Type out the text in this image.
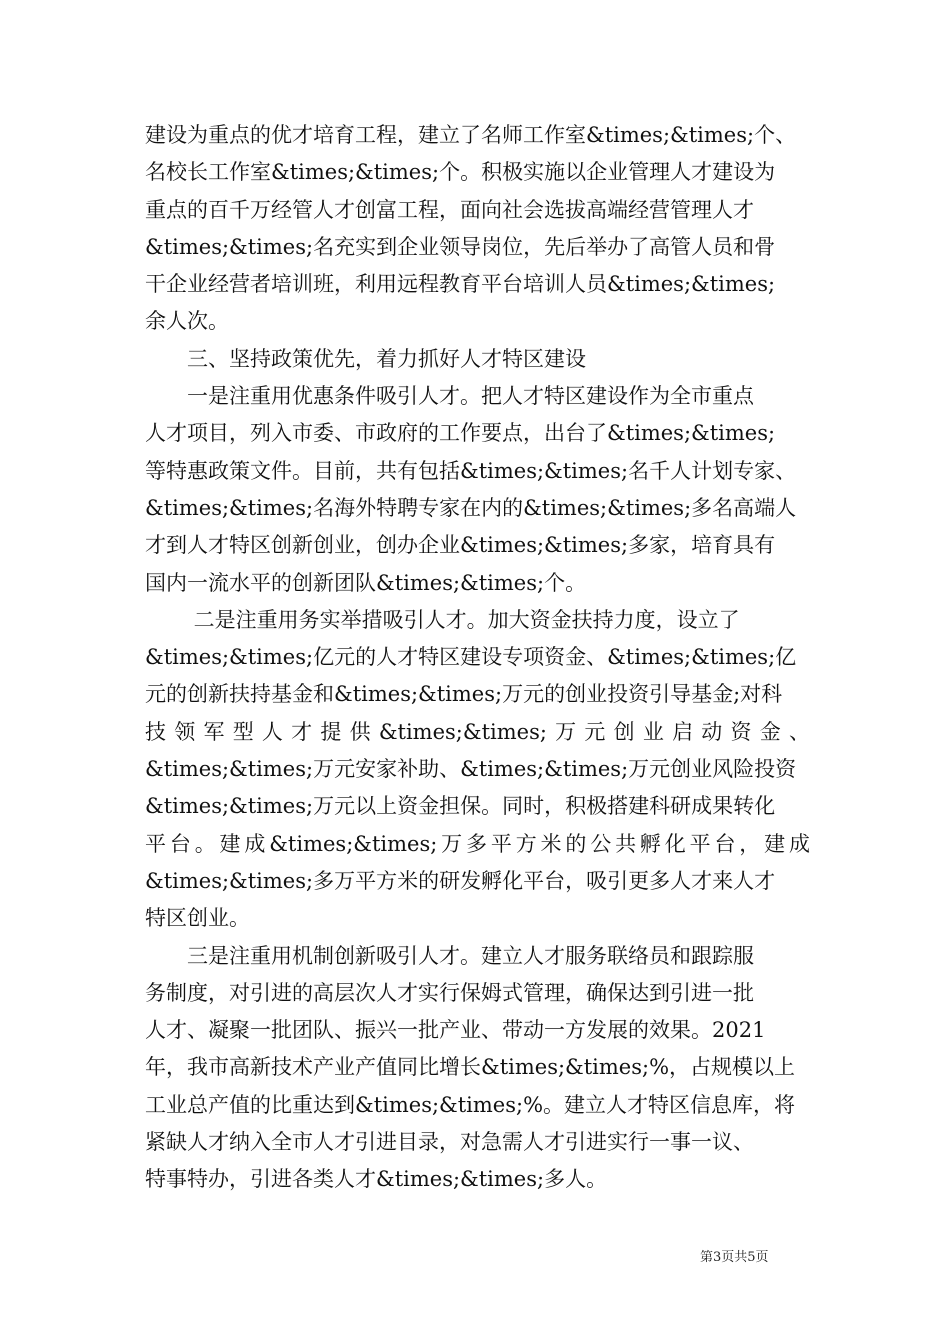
建设为重点的优才培育工程，建立了名师工作室&times;&times;个、
名校长工作室&times;&times;个。积极实施以企业管理人才建设为
重点的百千万经管人才创富工程，面向社会选拔高端经营管理人才
&times;&times;名充实到企业领导岗位，先后举办了高管人员和骨
干企业经营者培训班，利用远程教育平台培训人员&times;&times;
余人次。
　　三、坚持政策优先，着力抓好人才特区建设
　　一是注重用优惠条件吸引人才。把人才特区建设作为全市重点
人才项目，列入市委、市政府的工作要点，出台了&times;&times;
等特惠政策文件。目前，共有包括&times;&times;名千人计划专家、
&times;&times;名海外特聘专家在内的&times;&times;多名高端人
才到人才特区创新创业，创办企业&times;&times;多家，培育具有
国内一流水平的创新团队&times;&times;个。
　　 二是注重用务实举措吸引人才。加大资金扶持力度，设立了
&times;&times;亿元的人才特区建设专项资金、&times;&times;亿
元的创新扶持基金和&times;&times;万元的创业投资引导基金;对科
技领军型人才提供&times;&times;万元创业启动资金、
&times;&times;万元安家补助、&times;&times;万元创业风险投资
&times;&times;万元以上资金担保。同时，积极搭建科研成果转化
平台。建成&times;&times;万多平方米的公共孵化平台，建成
&times;&times;多万平方米的研发孵化平台，吸引更多人才来人才
特区创业。
　　三是注重用机制创新吸引人才。建立人才服务联络员和跟踪服
务制度，对引进的高层次人才实行保姆式管理，确保达到引进一批
人才、凝聚一批团队、振兴一批产业、带动一方发展的效果。2021
年，我市高新技术产业产值同比增长&times;&times;%，占规模以上
工业总产值的比重达到&times;&times;%。建立人才特区信息库，将
紧缺人才纳入全市人才引进目录，对急需人才引进实行一事一议、
特事特办，引进各类人才&times;&times;多人。
第3页共5页
